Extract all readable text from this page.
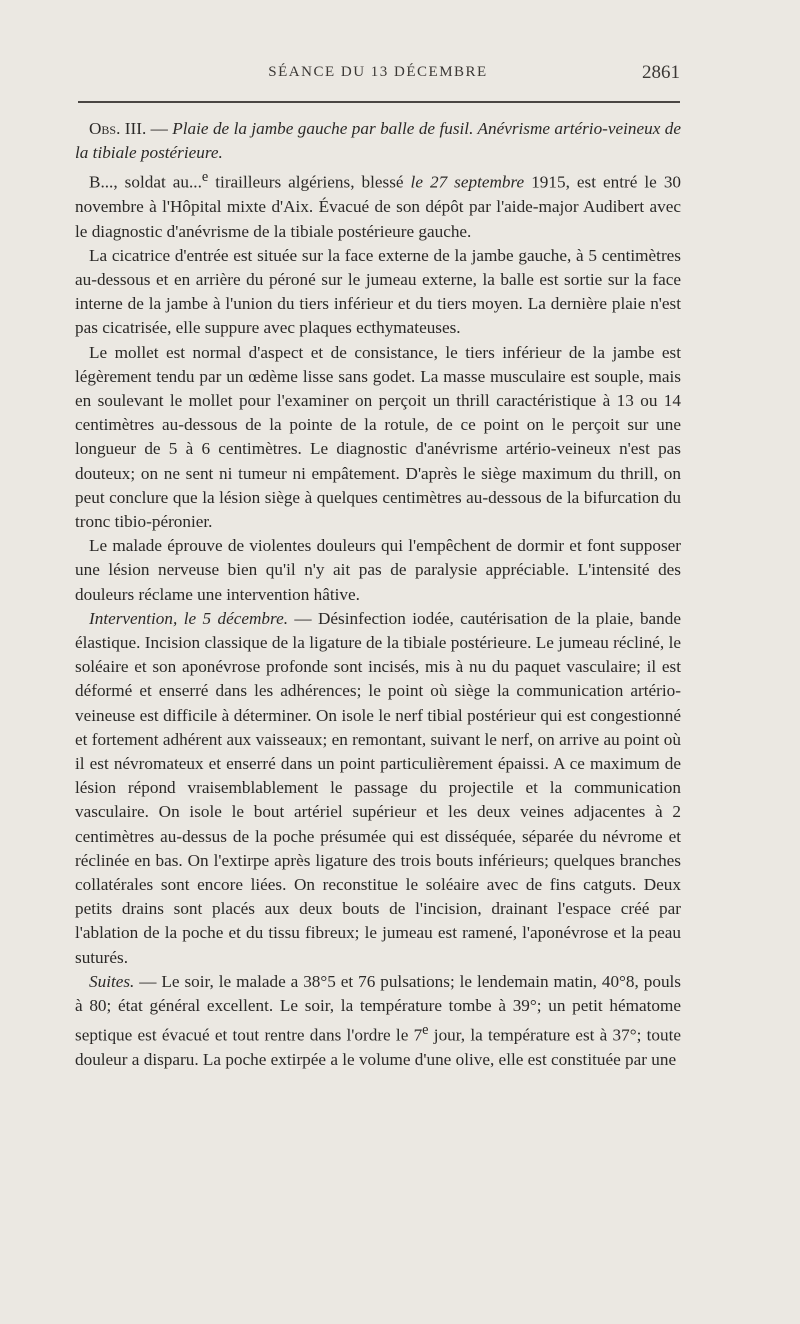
SÉANCE DU 13 DÉCEMBRE	2861

Obs. III. — Plaie de la jambe gauche par balle de fusil. Anévrisme artério-veineux de la tibiale postérieure.

B..., soldat au...$^e$ tirailleurs algériens, blessé le 27 septembre 1915, est entré le 30 novembre à l'Hôpital mixte d'Aix. Évacué de son dépôt par l'aide-major Audibert avec le diagnostic d'anévrisme de la tibiale postérieure gauche.

La cicatrice d'entrée est située sur la face externe de la jambe gauche, à 5 centimètres au-dessous et en arrière du péroné sur le jumeau externe, la balle est sortie sur la face interne de la jambe à l'union du tiers inférieur et du tiers moyen. La dernière plaie n'est pas cicatrisée, elle suppure avec plaques ecthymateuses.

Le mollet est normal d'aspect et de consistance, le tiers inférieur de la jambe est légèrement tendu par un œdème lisse sans godet. La masse musculaire est souple, mais en soulevant le mollet pour l'examiner on perçoit un thrill caractéristique à 13 ou 14 centimètres au-dessous de la pointe de la rotule, de ce point on le perçoit sur une longueur de 5 à 6 centimètres. Le diagnostic d'anévrisme artério-veineux n'est pas douteux; on ne sent ni tumeur ni empâtement. D'après le siège maximum du thrill, on peut conclure que la lésion siège à quelques centimètres au-dessous de la bifurcation du tronc tibio-péronier.

Le malade éprouve de violentes douleurs qui l'empêchent de dormir et font supposer une lésion nerveuse bien qu'il n'y ait pas de paralysie appréciable. L'intensité des douleurs réclame une intervention hâtive.

Intervention, le 5 décembre. — Désinfection iodée, cautérisation de la plaie, bande élastique. Incision classique de la ligature de la tibiale postérieure. Le jumeau récliné, le soléaire et son aponévrose profonde sont incisés, mis à nu du paquet vasculaire; il est déformé et enserré dans les adhérences; le point où siège la communication artério-veineuse est difficile à déterminer. On isole le nerf tibial postérieur qui est congestionné et fortement adhérent aux vaisseaux; en remontant, suivant le nerf, on arrive au point où il est névromateux et enserré dans un point particulièrement épaissi. A ce maximum de lésion répond vraisemblablement le passage du projectile et la communication vasculaire. On isole le bout artériel supérieur et les deux veines adjacentes à 2 centimètres au-dessus de la poche présumée qui est disséquée, séparée du névrome et réclinée en bas. On l'extirpe après ligature des trois bouts inférieurs; quelques branches collatérales sont encore liées. On reconstitue le soléaire avec de fins catguts. Deux petits drains sont placés aux deux bouts de l'incision, drainant l'espace créé par l'ablation de la poche et du tissu fibreux; le jumeau est ramené, l'aponévrose et la peau suturés.

Suites. — Le soir, le malade a 38°5 et 76 pulsations; le lendemain matin, 40°8, pouls à 80; état général excellent. Le soir, la température tombe à 39°; un petit hématome septique est évacué et tout rentre dans l'ordre le 7e jour, la température est à 37°; toute douleur a disparu. La poche extirpée a le volume d'une olive, elle est constituée par une
